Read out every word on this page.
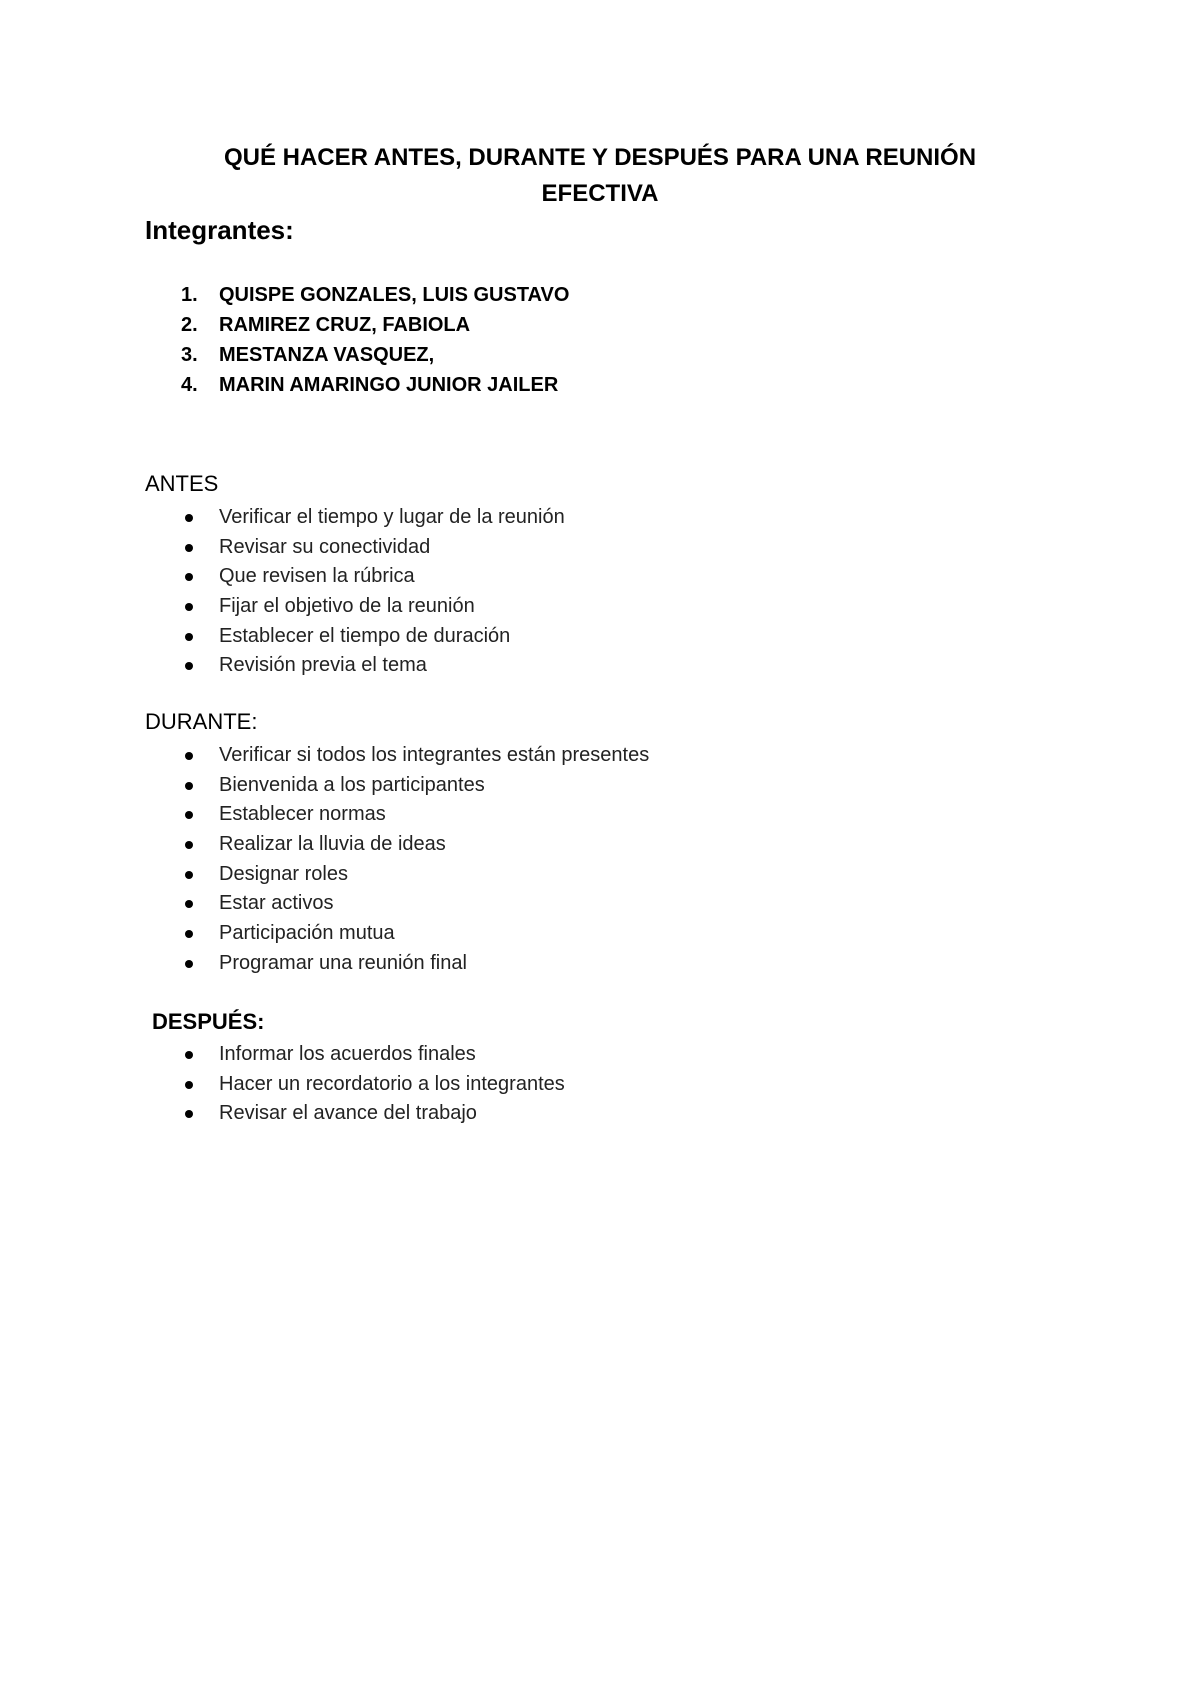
QUÉ HACER ANTES, DURANTE Y DESPUÉS PARA UNA REUNIÓN
EFECTIVA
Integrantes:
1. QUISPE GONZALES, LUIS GUSTAVO
2. RAMIREZ CRUZ, FABIOLA
3. MESTANZA VASQUEZ,
4. MARIN AMARINGO JUNIOR JAILER
ANTES
Verificar el tiempo y lugar de la reunión
Revisar su conectividad
Que revisen la rúbrica
Fijar el objetivo de la reunión
Establecer el tiempo de duración
Revisión previa el tema
DURANTE:
Verificar si todos los integrantes están presentes
Bienvenida a los participantes
Establecer normas
Realizar la lluvia de ideas
Designar roles
Estar activos
Participación mutua
Programar una reunión final
DESPUÉS:
Informar los acuerdos finales
Hacer un recordatorio a los integrantes
Revisar el avance del trabajo
